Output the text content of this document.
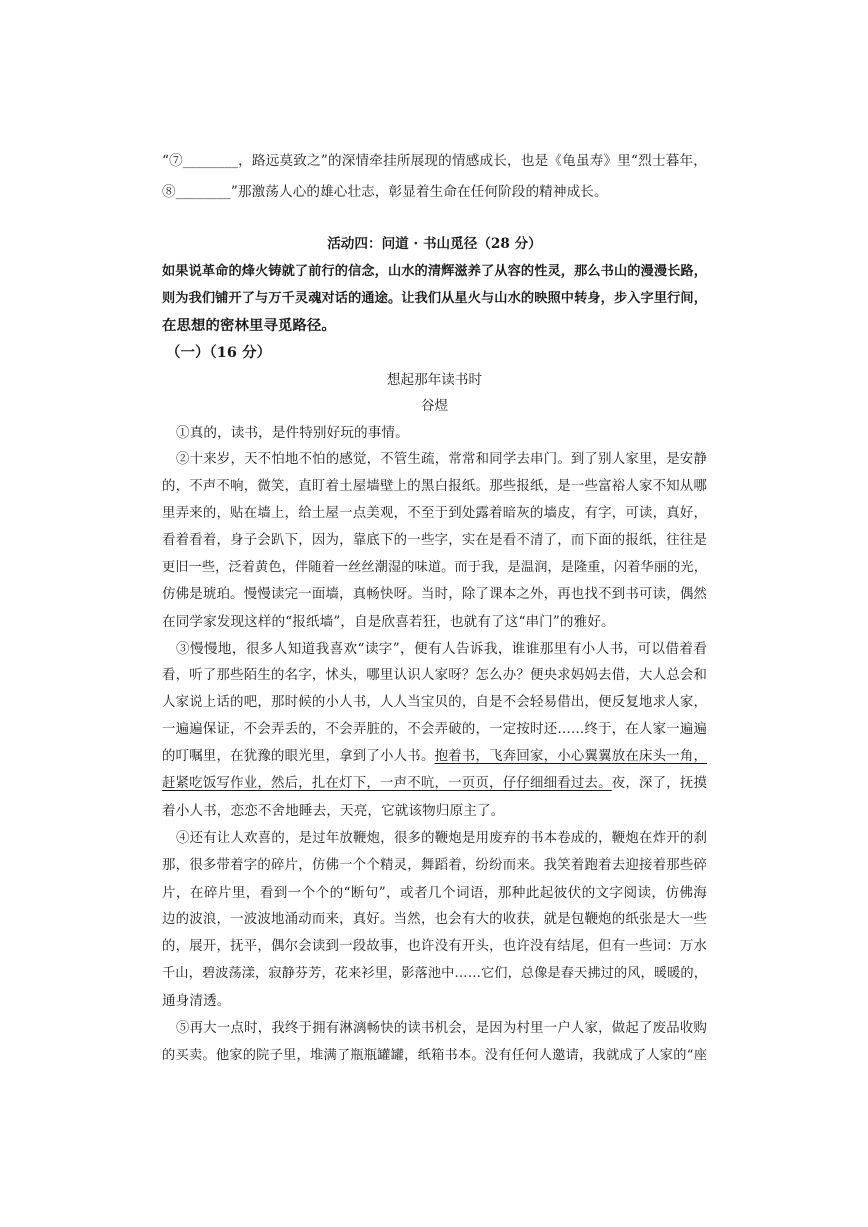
“⑦________，路远莫致之”的深情牵挂所展现的情感成长，也是《龟虽寿》里“烈士暮年，
⑧________”那激荡人心的雄心壮志，彰显着生命在任何阶段的精神成长。
活动四：问道 · 书山觅径（28 分）
如果说革命的烽火铸就了前行的信念，山水的清辉滋养了从容的性灵，那么书山的漫漫长路，
则为我们铺开了与万千灵魂对话的通途。让我们从星火与山水的映照中转身，步入字里行间，
在思想的密林里寻觅路径。
（一）（16 分）
想起那年读书时
谷煜
①真的，读书，是件特别好玩的事情。
②十来岁，天不怕地不怕的感觉，不管生疏，常常和同学去串门。到了别人家里，是安静
的，不声不响，微笑，直盯着土屋墙壁上的黑白报纸。那些报纸，是一些富裕人家不知从哪
里弄来的，贴在墙上，给土屋一点美观，不至于到处露着暗灰的墙皮，有字，可读，真好，
看着看着，身子会趴下，因为，靠底下的一些字，实在是看不清了，而下面的报纸，往往是
更旧一些，泛着黄色，伴随着一丝丝潮湿的味道。而于我，是温润，是隆重，闪着华丽的光，
仿佛是琥珀。慢慢读完一面墙，真畅快呀。当时，除了课本之外，再也找不到书可读，偶然
在同学家发现这样的“报纸墙”，自是欣喜若狂，也就有了这“串门”的雅好。
③慢慢地，很多人知道我喜欢“读字”，便有人告诉我，谁谁那里有小人书，可以借着看
看，听了那些陌生的名字，怵头，哪里认识人家呀？怎么办？便央求妈妈去借，大人总会和
人家说上话的吧，那时候的小人书，人人当宝贝的，自是不会轻易借出，便反复地求人家，
一遍遍保证，不会弄丢的，不会弄脏的，不会弄破的，一定按时还……终于，在人家一遍遍
的叮嘱里，在犹豫的眼光里，拿到了小人书。抱着书，飞奔回家，小心翼翼放在床头一角，
赶紧吃饭写作业，然后，扎在灯下，一声不吭，一页页，仔仔细细看过去。夜，深了，抚摸
着小人书，恋恋不舍地睡去，天亮，它就该物归原主了。
④还有让人欢喜的，是过年放鞭炮，很多的鞭炮是用废弃的书本卷成的，鞭炮在炸开的刹
那，很多带着字的碎片，仿佛一个个精灵，舞蹈着，纷纷而来。我笑着跑着去迎接着那些碎
片，在碎片里，看到一个个的“断句”，或者几个词语，那种此起彼伏的文字阅读，仿佛海
边的波浪，一波波地涌动而来，真好。当然，也会有大的收获，就是包鞭炮的纸张是大一些
的，展开，抚平，偶尔会读到一段故事，也许没有开头，也许没有结尾，但有一些词：万水
千山，碧波荡漾，寂静芬芳，花来衫里，影落池中……它们，总像是春天拂过的风，暖暖的，
通身清透。
⑤再大一点时，我终于拥有淋漓畅快的读书机会，是因为村里一户人家，做起了废品收购
的买卖。他家的院子里，堆满了瓶瓶罐罐，纸箱书本。没有任何人邀请，我就成了人家的“座
